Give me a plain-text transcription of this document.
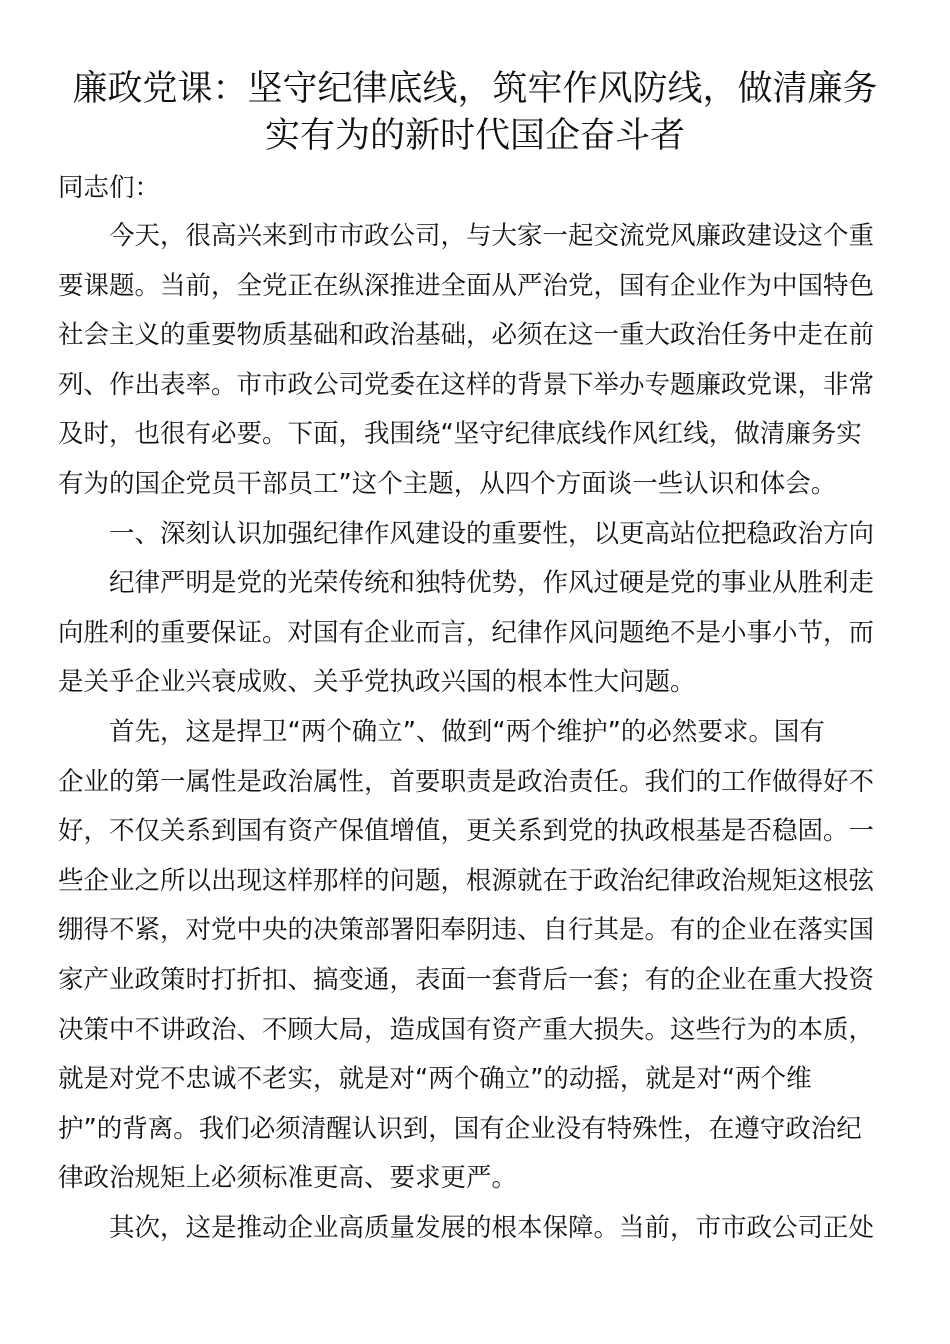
廉政党课：坚守纪律底线，筑牢作风防线，做清廉务
实有为的新时代国企奋斗者
同志们：
今天，很高兴来到市市政公司，与大家一起交流党风廉政建设这个重
要课题。当前，全党正在纵深推进全面从严治党，国有企业作为中国特色
社会主义的重要物质基础和政治基础，必须在这一重大政治任务中走在前
列、作出表率。市市政公司党委在这样的背景下举办专题廉政党课，非常
及时，也很有必要。下面，我围绕“坚守纪律底线作风红线，做清廉务实
有为的国企党员干部员工”这个主题，从四个方面谈一些认识和体会。
一、深刻认识加强纪律作风建设的重要性，以更高站位把稳政治方向
纪律严明是党的光荣传统和独特优势，作风过硬是党的事业从胜利走
向胜利的重要保证。对国有企业而言，纪律作风问题绝不是小事小节，而
是关乎企业兴衰成败、关乎党执政兴国的根本性大问题。
首先，这是捍卫“两个确立”、做到“两个维护”的必然要求。国有
企业的第一属性是政治属性，首要职责是政治责任。我们的工作做得好不
好，不仅关系到国有资产保值增值，更关系到党的执政根基是否稳固。一
些企业之所以出现这样那样的问题，根源就在于政治纪律政治规矩这根弦
绷得不紧，对党中央的决策部署阳奉阴违、自行其是。有的企业在落实国
家产业政策时打折扣、搞变通，表面一套背后一套；有的企业在重大投资
决策中不讲政治、不顾大局，造成国有资产重大损失。这些行为的本质，
就是对党不忠诚不老实，就是对“两个确立”的动摇，就是对“两个维
护”的背离。我们必须清醒认识到，国有企业没有特殊性，在遵守政治纪
律政治规矩上必须标准更高、要求更严。
其次，这是推动企业高质量发展的根本保障。当前，市市政公司正处
